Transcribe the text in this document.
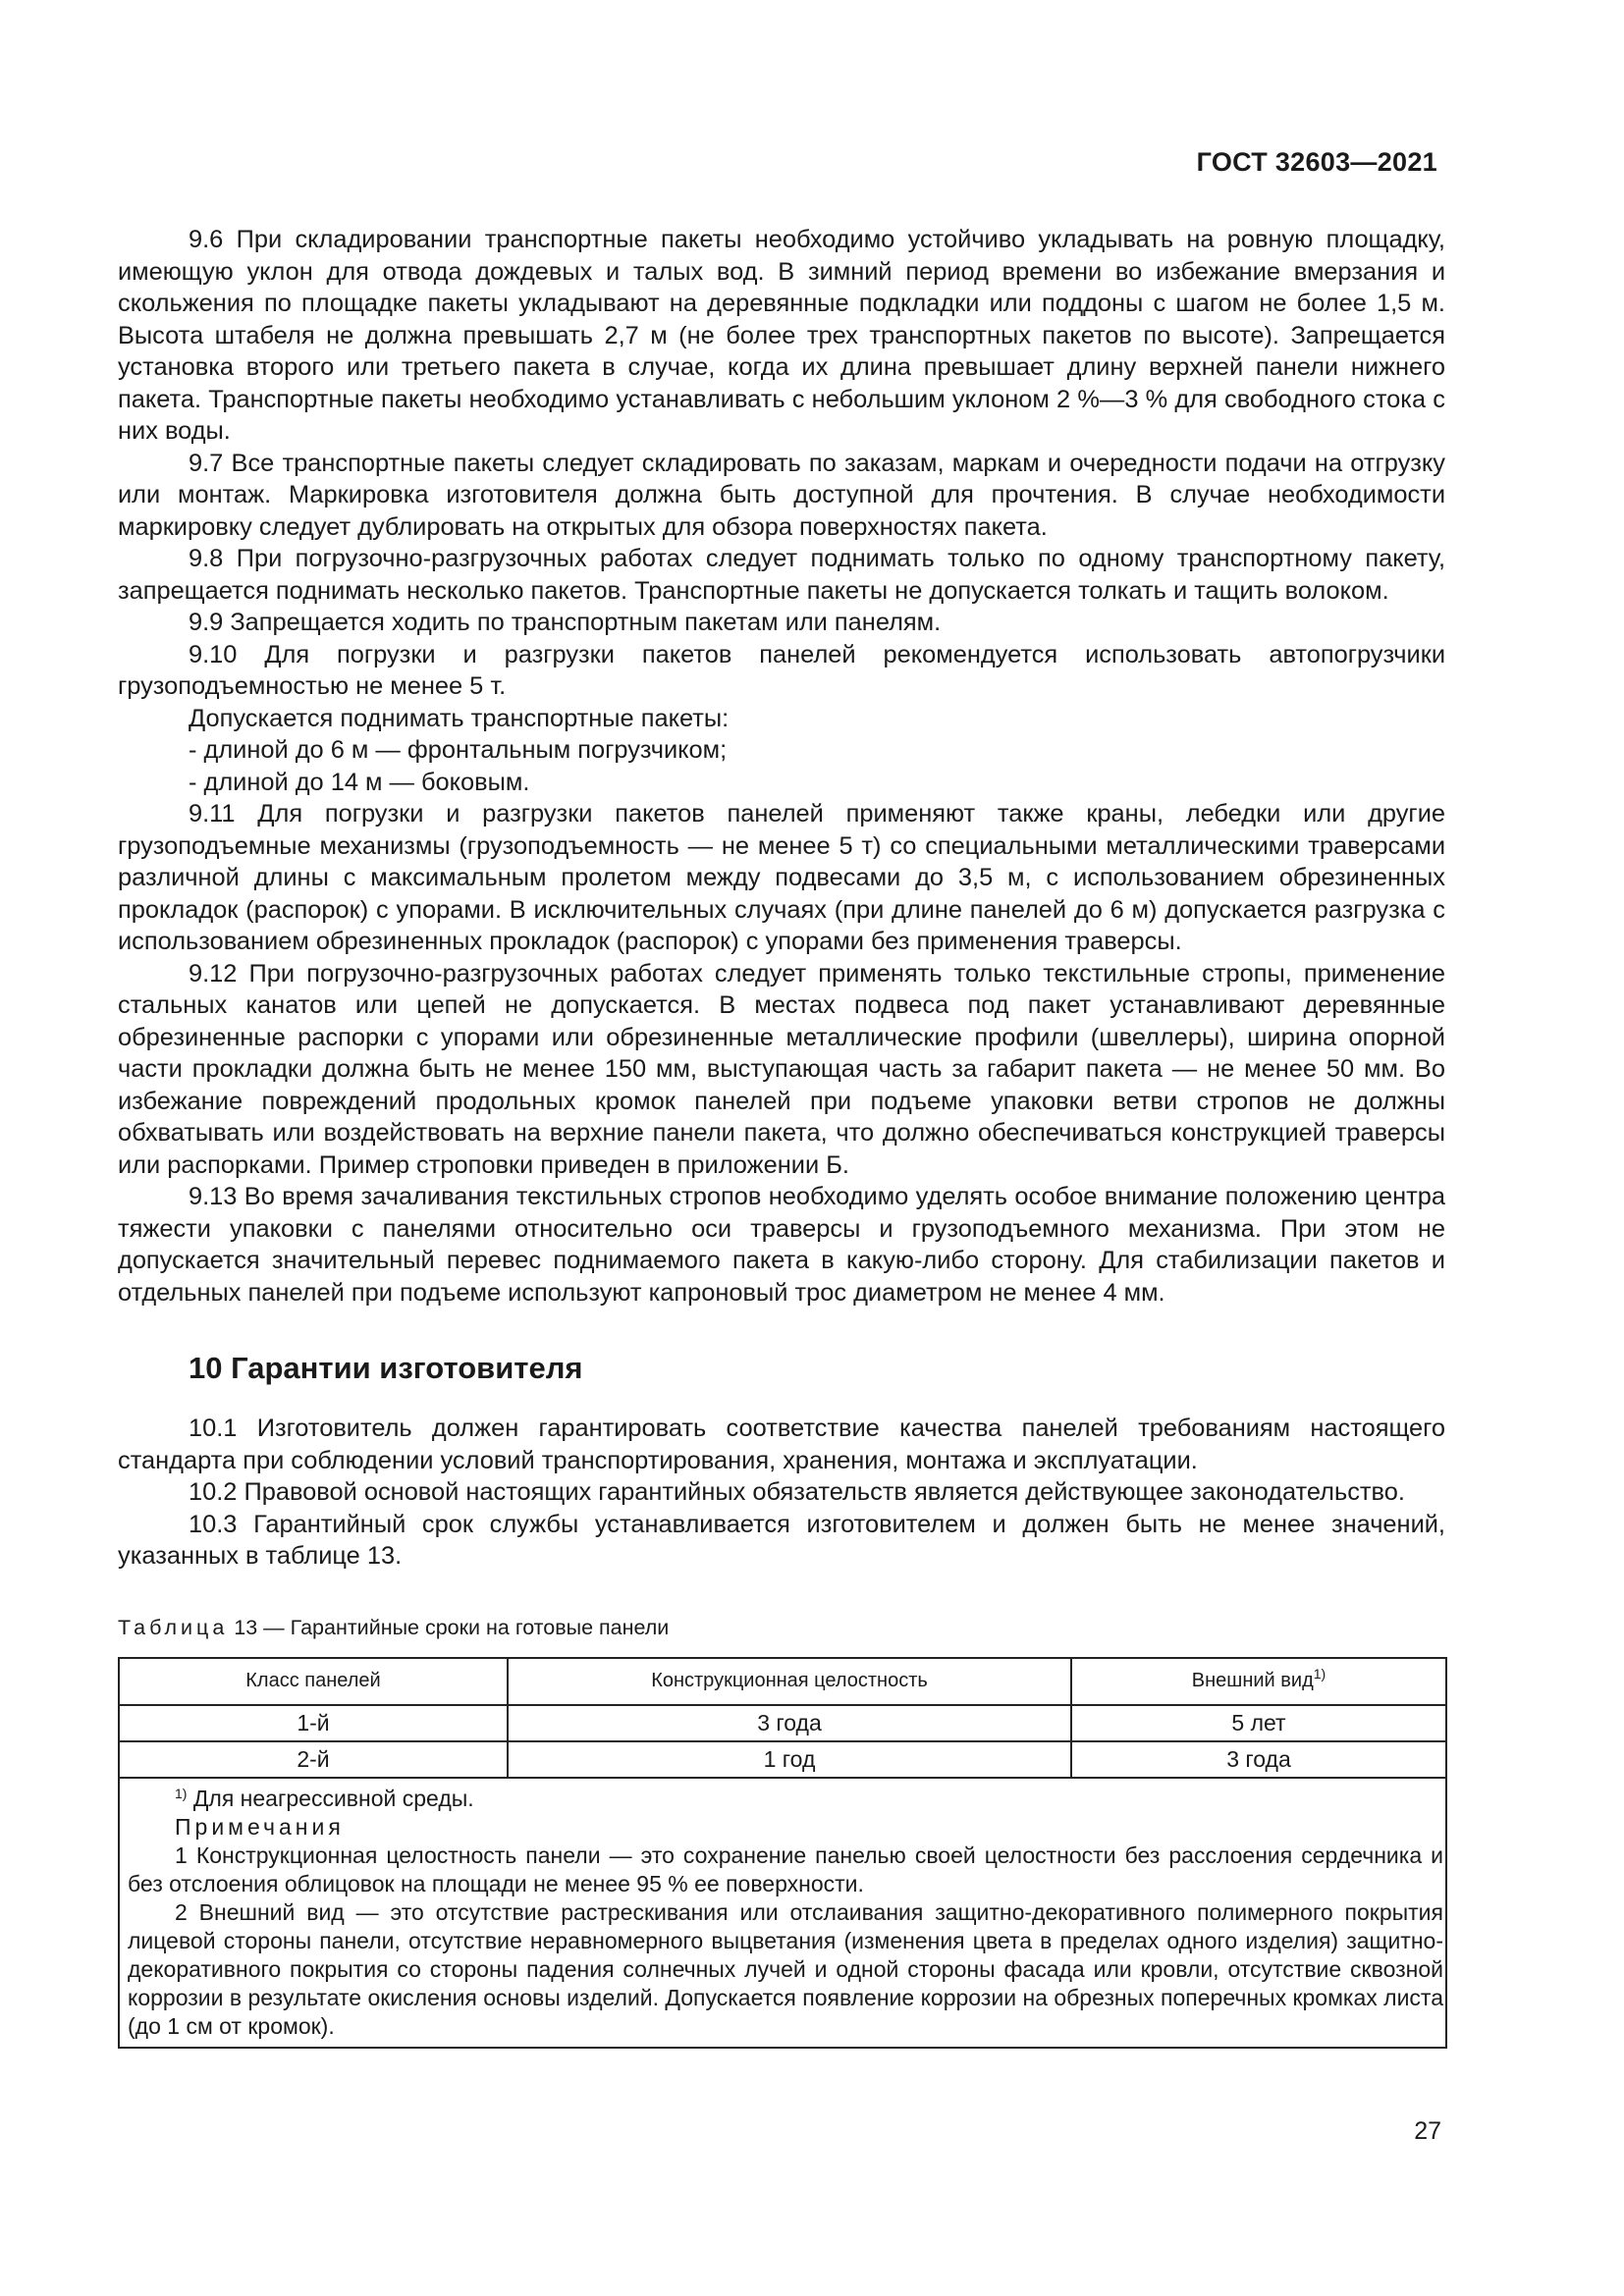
ГОСТ 32603—2021

9.6 При складировании транспортные пакеты необходимо устойчиво укладывать на ровную площадку, имеющую уклон для отвода дождевых и талых вод. В зимний период времени во избежание вмерзания и скольжения по площадке пакеты укладывают на деревянные подкладки или поддоны с шагом не более 1,5 м. Высота штабеля не должна превышать 2,7 м (не более трех транспортных пакетов по высоте). Запрещается установка второго или третьего пакета в случае, когда их длина превышает длину верхней панели нижнего пакета. Транспортные пакеты необходимо устанавливать с небольшим уклоном 2 %—3 % для свободного стока с них воды.

9.7 Все транспортные пакеты следует складировать по заказам, маркам и очередности подачи на отгрузку или монтаж. Маркировка изготовителя должна быть доступной для прочтения. В случае необходимости маркировку следует дублировать на открытых для обзора поверхностях пакета.

9.8 При погрузочно-разгрузочных работах следует поднимать только по одному транспортному пакету, запрещается поднимать несколько пакетов. Транспортные пакеты не допускается толкать и тащить волоком.

9.9 Запрещается ходить по транспортным пакетам или панелям.

9.10 Для погрузки и разгрузки пакетов панелей рекомендуется использовать автопогрузчики грузоподъемностью не менее 5 т.

Допускается поднимать транспортные пакеты:

- длиной до 6 м — фронтальным погрузчиком;

- длиной до 14 м — боковым.

9.11 Для погрузки и разгрузки пакетов панелей применяют также краны, лебедки или другие грузоподъемные механизмы (грузоподъемность — не менее 5 т) со специальными металлическими траверсами различной длины с максимальным пролетом между подвесами до 3,5 м, с использованием обрезиненных прокладок (распорок) с упорами. В исключительных случаях (при длине панелей до 6 м) допускается разгрузка с использованием обрезиненных прокладок (распорок) с упорами без применения траверсы.

9.12 При погрузочно-разгрузочных работах следует применять только текстильные стропы, применение стальных канатов или цепей не допускается. В местах подвеса под пакет устанавливают деревянные обрезиненные распорки с упорами или обрезиненные металлические профили (швеллеры), ширина опорной части прокладки должна быть не менее 150 мм, выступающая часть за габарит пакета — не менее 50 мм. Во избежание повреждений продольных кромок панелей при подъеме упаковки ветви стропов не должны обхватывать или воздействовать на верхние панели пакета, что должно обеспечиваться конструкцией траверсы или распорками. Пример строповки приведен в приложении Б.

9.13 Во время зачаливания текстильных стропов необходимо уделять особое внимание положению центра тяжести упаковки с панелями относительно оси траверсы и грузоподъемного механизма. При этом не допускается значительный перевес поднимаемого пакета в какую-либо сторону. Для стабилизации пакетов и отдельных панелей при подъеме используют капроновый трос диаметром не менее 4 мм.

10 Гарантии изготовителя

10.1 Изготовитель должен гарантировать соответствие качества панелей требованиям настоящего стандарта при соблюдении условий транспортирования, хранения, монтажа и эксплуатации.

10.2 Правовой основой настоящих гарантийных обязательств является действующее законодательство.

10.3 Гарантийный срок службы устанавливается изготовителем и должен быть не менее значений, указанных в таблице 13.

Таблица 13 — Гарантийные сроки на готовые панели
Класс панелей	Конструкционная целостность	Внешний вид$^{1)}$
1-й	3 года	5 лет
2-й	1 год	3 года

$^{1)}$ Для неагрессивной среды.

Примечания

1 Конструкционная целостность панели — это сохранение панелью своей целостности без расслоения сердечника и без отслоения облицовок на площади не менее 95 % ее поверхности.

2 Внешний вид — это отсутствие растрескивания или отслаивания защитно-декоративного полимерного покрытия лицевой стороны панели, отсутствие неравномерного выцветания (изменения цвета в пределах одного изделия) защитно-декоративного покрытия со стороны падения солнечных лучей и одной стороны фасада или кровли, отсутствие сквозной коррозии в результате окисления основы изделий. Допускается появление коррозии на обрезных поперечных кромках листа (до 1 см от кромок).		

27
